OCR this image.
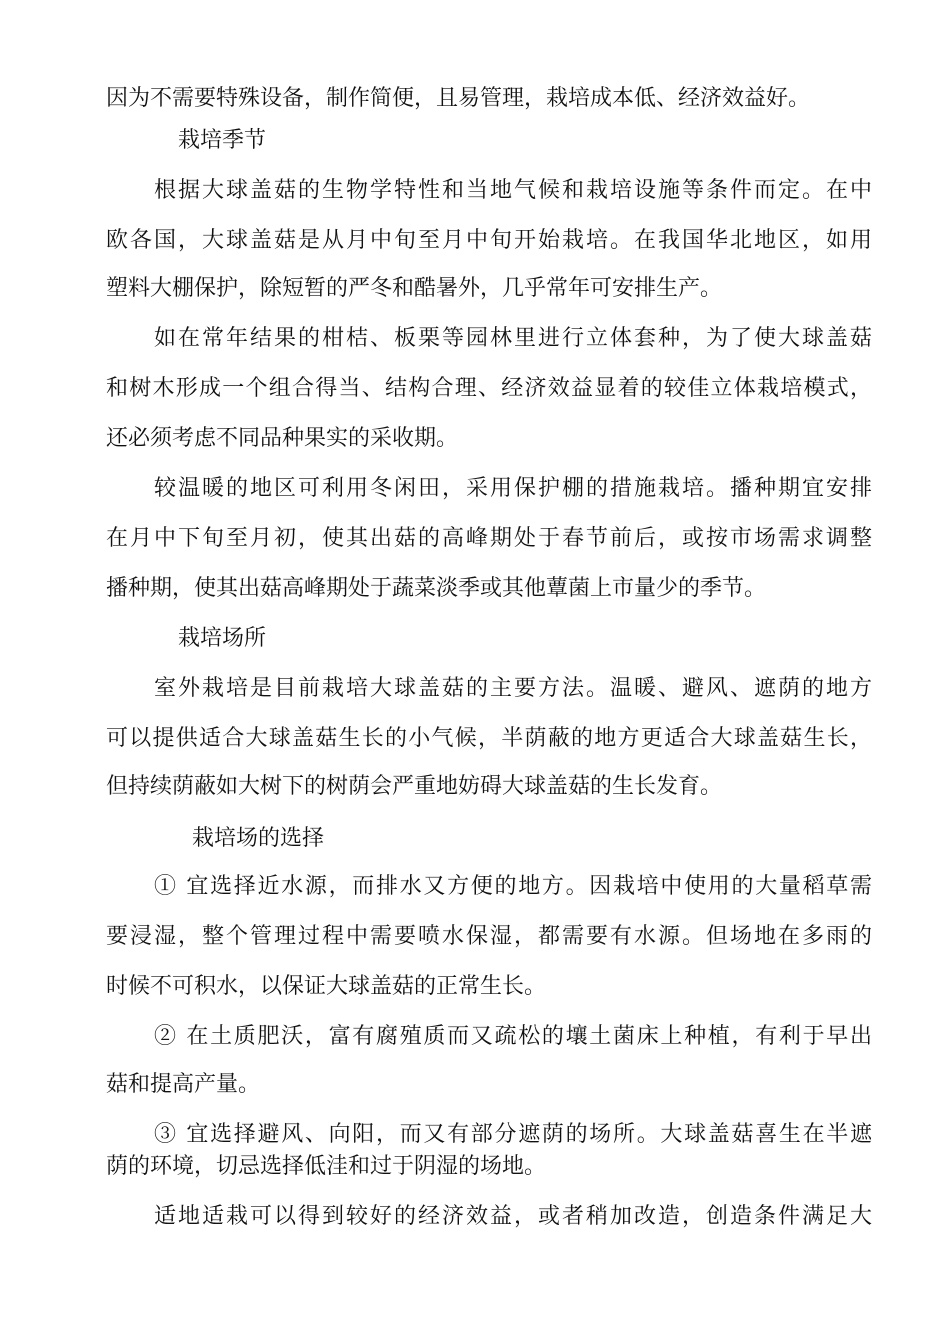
因为不需要特殊设备，制作简便，且易管理，栽培成本低、经济效益好。
栽培季节
根据大球盖菇的生物学特性和当地气候和栽培设施等条件而定。在中
欧各国，大球盖菇是从月中旬至月中旬开始栽培。在我国华北地区，如用
塑料大棚保护，除短暂的严冬和酷暑外，几乎常年可安排生产。
如在常年结果的柑桔、板栗等园林里进行立体套种，为了使大球盖菇
和树木形成一个组合得当、结构合理、经济效益显着的较佳立体栽培模式，
还必须考虑不同品种果实的采收期。
较温暖的地区可利用冬闲田，采用保护棚的措施栽培。播种期宜安排
在月中下旬至月初，使其出菇的高峰期处于春节前后，或按市场需求调整
播种期，使其出菇高峰期处于蔬菜淡季或其他蕈菌上市量少的季节。
栽培场所
室外栽培是目前栽培大球盖菇的主要方法。温暖、避风、遮荫的地方
可以提供适合大球盖菇生长的小气候，半荫蔽的地方更适合大球盖菇生长，
但持续荫蔽如大树下的树荫会严重地妨碍大球盖菇的生长发育。
栽培场的选择
① 宜选择近水源，而排水又方便的地方。因栽培中使用的大量稻草需
要浸湿，整个管理过程中需要喷水保湿，都需要有水源。但场地在多雨的
时候不可积水，以保证大球盖菇的正常生长。
② 在土质肥沃，富有腐殖质而又疏松的壤土菌床上种植，有利于早出
菇和提高产量。
③ 宜选择避风、向阳，而又有部分遮荫的场所。大球盖菇喜生在半遮
荫的环境，切忌选择低洼和过于阴湿的场地。
适地适栽可以得到较好的经济效益，或者稍加改造，创造条件满足大
